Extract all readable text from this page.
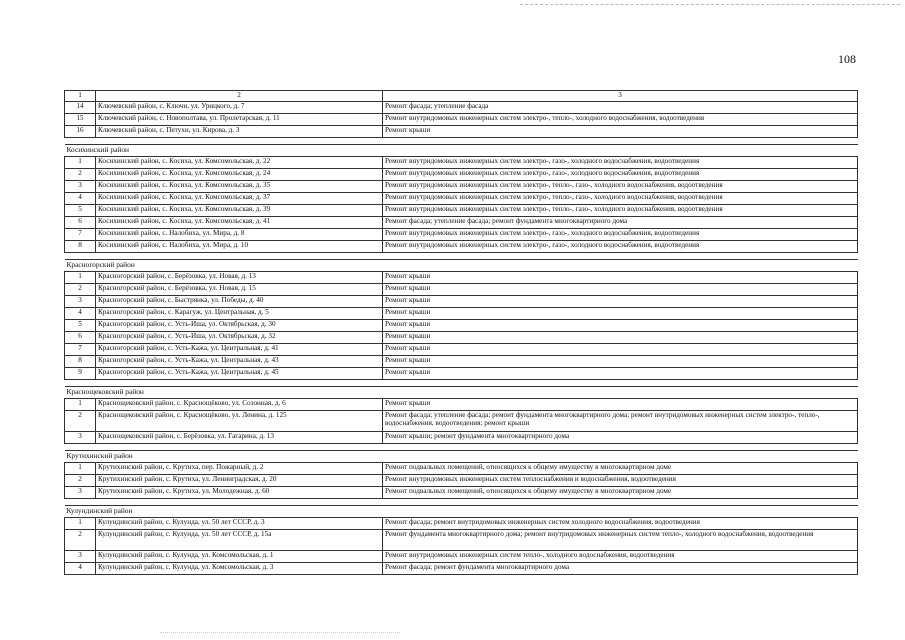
108
1	2	3
14	Ключевский район, с. Ключи, ул. Урицкого, д. 7	Ремонт фасада; утепление фасада
15	Ключевский район, с. Новополтава, ул. Пролетарская, д. 11	Ремонт внутридомовых инженерных систем электро-, тепло-, холодного водоснабжения, водоотведения
16	Ключевский район, с. Петухи, ул. Кирова, д. 3	Ремонт крыши

Косихинский район		
1	Косихинский район, с. Косиха, ул. Комсомольская, д. 22	Ремонт внутридомовых инженерных систем электро-, газо-, холодного водоснабжения, водоотведения
2	Косихинский район, с. Косиха, ул. Комсомольская, д. 24	Ремонт внутридомовых инженерных систем электро-, газо-, холодного водоснабжения, водоотведения
3	Косихинский район, с. Косиха, ул. Комсомольская, д. 35	Ремонт внутридомовых инженерных систем электро-, тепло-, газо-, холодного водоснабжения, водоотведения
4	Косихинский район, с. Косиха, ул. Комсомольская, д. 37	Ремонт внутридомовых инженерных систем электро-, тепло-, газо-, холодного водоснабжения, водоотведения
5	Косихинский район, с. Косиха, ул. Комсомольская, д. 39	Ремонт внутридомовых инженерных систем электро-, тепло-, газо-, холодного водоснабжения, водоотведения
6	Косихинский район, с. Косиха, ул. Комсомольская, д. 41	Ремонт фасада; утепление фасада; ремонт фундамента многоквартирного дома
7	Косихинский район, с. Налобиха, ул. Мира, д. 8	Ремонт внутридомовых инженерных систем электро-, газо-, холодного водоснабжения, водоотведения
8	Косихинский район, с. Налобиха, ул. Мира, д. 10	Ремонт внутридомовых инженерных систем электро-, газо-, холодного водоснабжения, водоотведения

Красногорский район		
1	Красногорский район, с. Берёзовка, ул. Новая, д. 13	Ремонт крыши
2	Красногорский район, с. Берёзовка, ул. Новая, д. 15	Ремонт крыши
3	Красногорский район, с. Быстрянка, ул. Победы, д. 40	Ремонт крыши
4	Красногорский район, с. Карагуж, ул. Центральная, д. 5	Ремонт крыши
5	Красногорский район, с. Усть-Иша, ул. Октябрьская, д. 30	Ремонт крыши
6	Красногорский район, с. Усть-Иша, ул. Октябрьская, д. 32	Ремонт крыши
7	Красногорский район, с. Усть-Кажа, ул. Центральная, д. 41	Ремонт крыши
8	Красногорский район, с. Усть-Кажа, ул. Центральная, д. 43	Ремонт крыши
9	Красногорский район, с. Усть-Кажа, ул. Центральная, д. 45	Ремонт крыши

Краснощековский район		
1	Краснощековский район, с. Краснощёково, ул. Созонная, д. 6	Ремонт крыши
2	Краснощековский район, с. Краснощёково, ул. Ленина, д. 125	Ремонт фасада; утепление фасада; ремонт фундамента многоквартирного дома; ремонт внутридомовых инженерных систем электро-, тепло-, водоснабжения, водоотведения; ремонт крыши
3	Краснощековский район, с. Берёзовка, ул. Гагарина, д. 13	Ремонт крыши; ремонт фундамента многоквартирного дома

Крутихинский район		
1	Крутихинский район, с. Крутиха, пер. Пожарный, д. 2	Ремонт подвальных помещений, относящихся к общему имуществу в многоквартирном доме
2	Крутихинский район, с. Крутиха, ул. Ленинградская, д. 20	Ремонт внутридомовых инженерных систем теплоснабжения и водоснабжения, водоотведения
3	Крутихинский район, с. Крутиха, ул. Молодежная, д. 60	Ремонт подвальных помещений, относящихся к общему имуществу в многоквартирном доме

Кулундинский район		
1	Кулундинский район, с. Кулунда, ул. 50 лет СССР, д. 3	Ремонт фасада; ремонт внутридомовых инженерных систем холодного водоснабжения, водоотведения
2	Кулундинский район, с. Кулунда, ул. 50 лет СССР, д. 15а	Ремонт фундамента многоквартирного дома; ремонт внутридомовых инженерных систем тепло-, холодного водоснабжения, водоотведения
3	Кулундинский район, с. Кулунда, ул. Комсомольская, д. 1	Ремонт внутридомовых инженерных систем тепло-, холодного водоснабжения, водоотведения
4	Кулундинский район, с. Кулунда, ул. Комсомольская, д. 3	Ремонт фасада; ремонт фундамента многоквартирного дома
